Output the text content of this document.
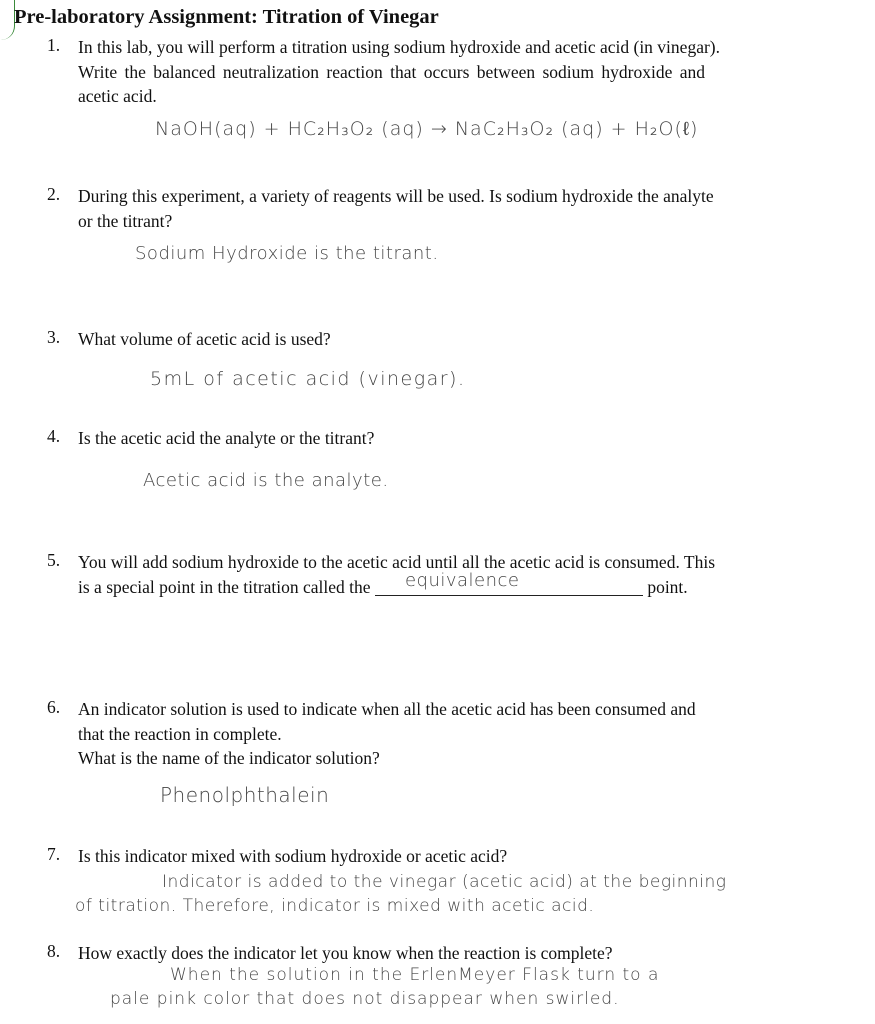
Pre-laboratory Assignment: Titration of Vinegar
1. In this lab, you will perform a titration using sodium hydroxide and acetic acid (in vinegar).
Write the balanced neutralization reaction that occurs between sodium hydroxide and
acetic acid.
NaOH(aq) + HC₂H₃O₂ (aq) → NaC₂H₃O₂ (aq) + H₂O(ℓ)
2. During this experiment, a variety of reagents will be used. Is sodium hydroxide the analyte
or the titrant?
Sodium Hydroxide is the titrant.
3. What volume of acetic acid is used?
5mL of acetic acid (vinegar).
4. Is the acetic acid the analyte or the titrant?
Acetic acid is the analyte.
5. You will add sodium hydroxide to the acetic acid until all the acetic acid is consumed. This
is a special point in the titration called the equivalence	point.
6. An indicator solution is used to indicate when all the acetic acid has been consumed and
that the reaction in complete.
What is the name of the indicator solution?
Phenolphthalein
7. Is this indicator mixed with sodium hydroxide or acetic acid?
Indicator is added to the vinegar (acetic acid) at the beginning
of titration. Therefore, indicator is mixed with acetic acid.
8. How exactly does the indicator let you know when the reaction is complete?
When the solution in the ErlenMeyer Flask turn to a
pale pink color that does not disappear when swirled.
